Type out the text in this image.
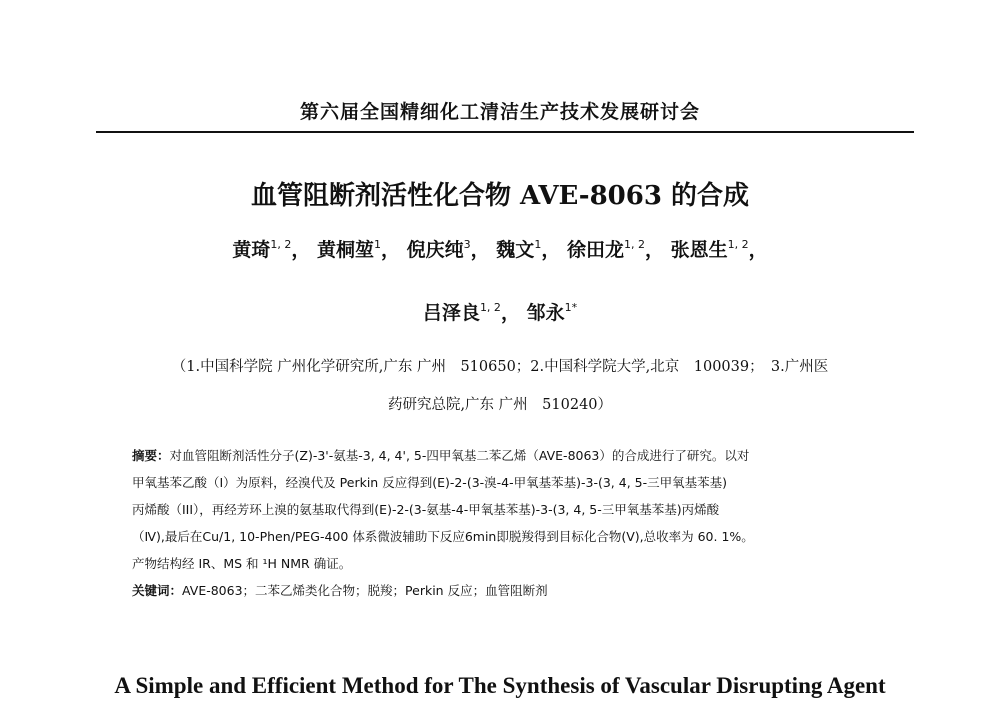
第六届全国精细化工清洁生产技术发展研讨会
血管阻断剂活性化合物 AVE-8063 的合成
黄琦$^{1, 2}$， 黄桐堃$^1$， 倪庆纯$^3$， 魏文$^1$， 徐田龙$^{1, 2}$， 张恩生$^{1, 2}$，
吕泽良$^{1, 2}$， 邹永$^{1*}$
（1.中国科学院 广州化学研究所,广东 广州　510650；2.中国科学院大学,北京　100039；　3.广州医
药研究总院,广东 广州　510240）

摘要：对血管阻断剂活性分子(Z)-3'-氨基-3, 4, 4', 5-四甲氧基二苯乙烯（AVE-8063）的合成进行了研究。以对

甲氧基苯乙酸（Ⅰ）为原料，经溴代及 Perkin 反应得到(E)-2-(3-溴-4-甲氧基苯基)-3-(3, 4, 5-三甲氧基苯基)

丙烯酸（III），再经芳环上溴的氨基取代得到(E)-2-(3-氨基-4-甲氧基苯基)-3-(3, 4, 5-三甲氧基苯基)丙烯酸

（Ⅳ),最后在Cu/1, 10-Phen/PEG-400 体系微波辅助下反应6min即脱羧得到目标化合物(Ⅴ),总收率为 60. 1%。

产物结构经 IR、MS 和 ¹H NMR 确证。

关键词：AVE-8063；二苯乙烯类化合物；脱羧；Perkin 反应；血管阻断剂

A Simple and Efficient Method for The Synthesis of Vascular Disrupting Agent
